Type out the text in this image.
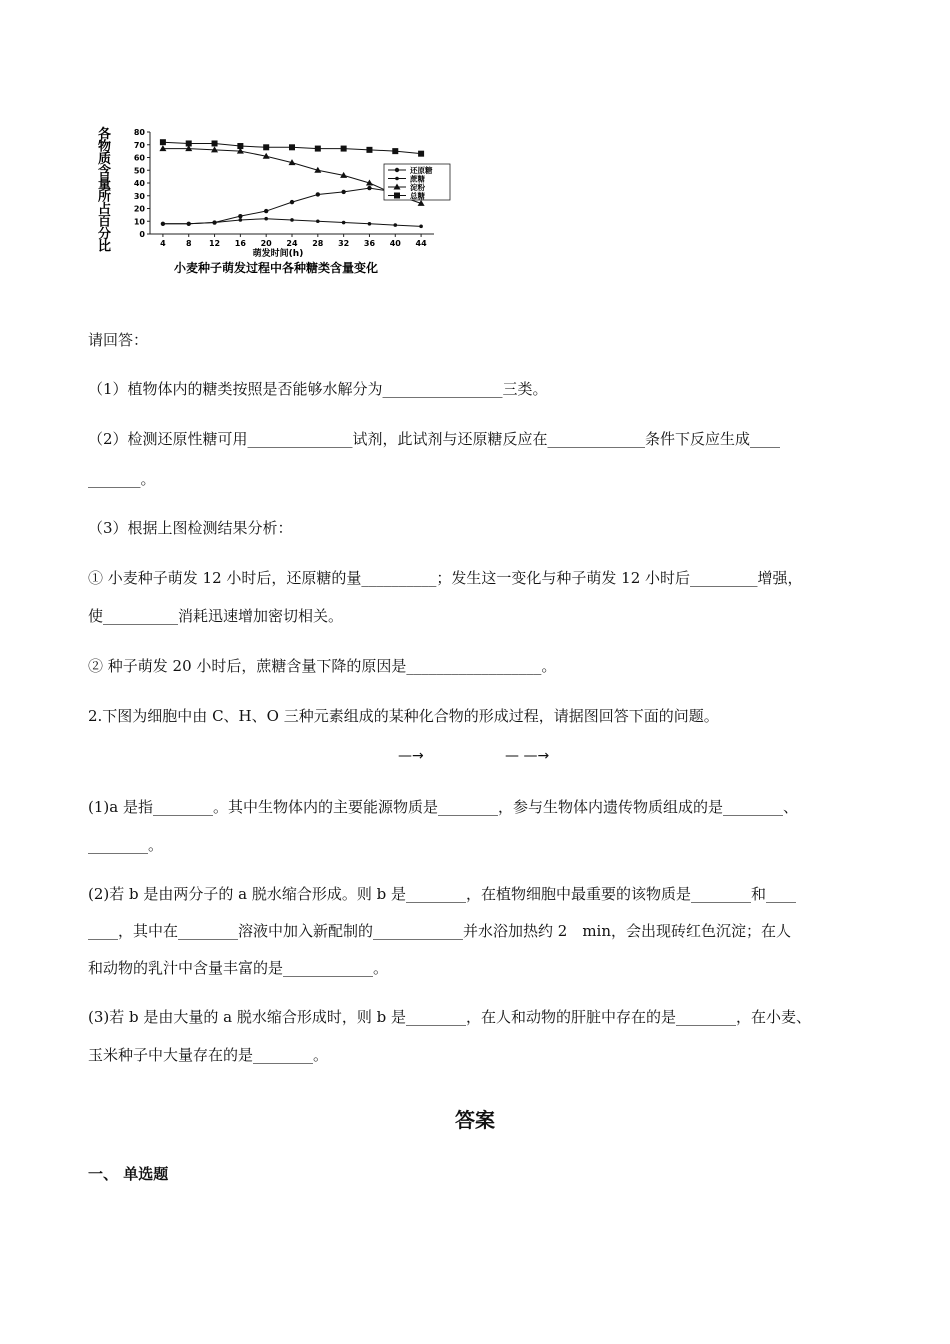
各物质含量所占百分比	萌发时间(h)
小麦种子萌发过程中各种糖类含量变化
0
10
20
30
40
50
60
70
80
4	8 12 16 20 24 28 32 36 40 44
还原糖
蔗糖
淀粉
总糖
请回答：
（1）植物体内的糖类按照是否能够水解分为________________三类。
（2）检测还原性糖可用______________试剂，此试剂与还原糖反应在_____________条件下反应生成____
_______。
（3）根据上图检测结果分析：
① 小麦种子萌发 12 小时后，还原糖的量__________；发生这一变化与种子萌发 12 小时后_________增强，
使__________消耗迅速增加密切相关。
② 种子萌发 20 小时后，蔗糖含量下降的原因是__________________。
2.下图为细胞中由 C、H、O 三种元素组成的某种化合物的形成过程，请据图回答下面的问题。
—→	— —→
(1)a 是指________。其中生物体内的主要能源物质是________，参与生物体内遗传物质组成的是________、
________。
(2)若 b 是由两分子的 a 脱水缩合形成。则 b 是________，在植物细胞中最重要的该物质是________和____
____，其中在________溶液中加入新配制的____________并水浴加热约 2　min，会出现砖红色沉淀；在人
和动物的乳汁中含量丰富的是____________。
(3)若 b 是由大量的 a 脱水缩合形成时，则 b 是________，在人和动物的肝脏中存在的是________，在小麦、
玉米种子中大量存在的是________。
答案
一、 单选题
